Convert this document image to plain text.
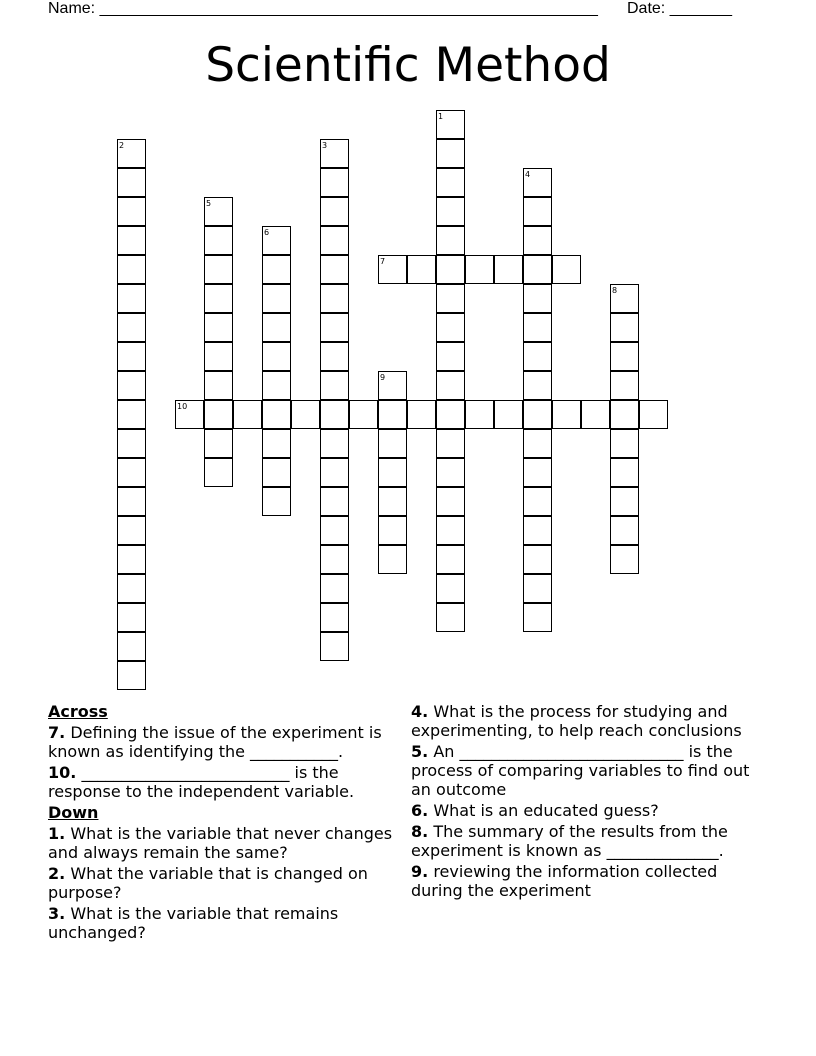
Name: ________________________________________________________ Date: _______
Scientific Method
1
2	3
4
5
6
7
8
9
10
Across
7. Defining the issue of the experiment is known as identifying the ___________.
10. __________________________ is the response to the independent variable.
Down
1. What is the variable that never changes and always remain the same?
2. What the variable that is changed on purpose?
3. What is the variable that remains unchanged?
4. What is the process for studying and experimenting, to help reach conclusions
5. An ____________________________ is the process of comparing variables to find out an outcome
6. What is an educated guess?
8. The summary of the results from the experiment is known as ______________.
9. reviewing the information collected during the experiment
